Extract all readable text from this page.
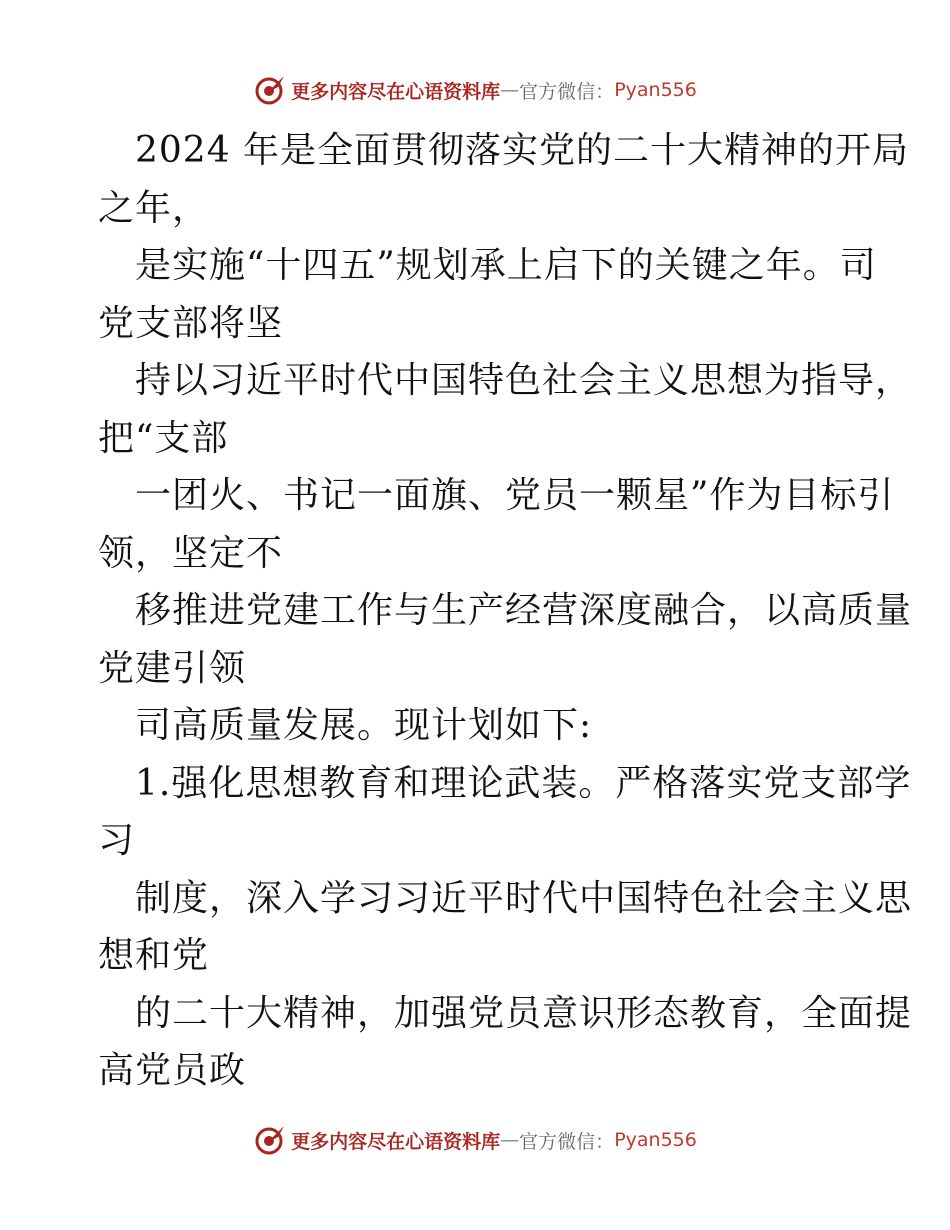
更多内容尽在心语资料库 — 官方微信： Pyan556
2024 年是全面贯彻落实党的二十大精神的开局
之年，
是实施“十四五”规划承上启下的关键之年。司
党支部将坚
持以习近平时代中国特色社会主义思想为指导，
把“支部
一团火、书记一面旗、党员一颗星”作为目标引
领，坚定不
移推进党建工作与生产经营深度融合，以高质量
党建引领
司高质量发展。现计划如下:
1.强化思想教育和理论武装。严格落实党支部学
习
制度，深入学习习近平时代中国特色社会主义思
想和党
的二十大精神，加强党员意识形态教育，全面提
高党员政
更多内容尽在心语资料库 — 官方微信： Pyan556
